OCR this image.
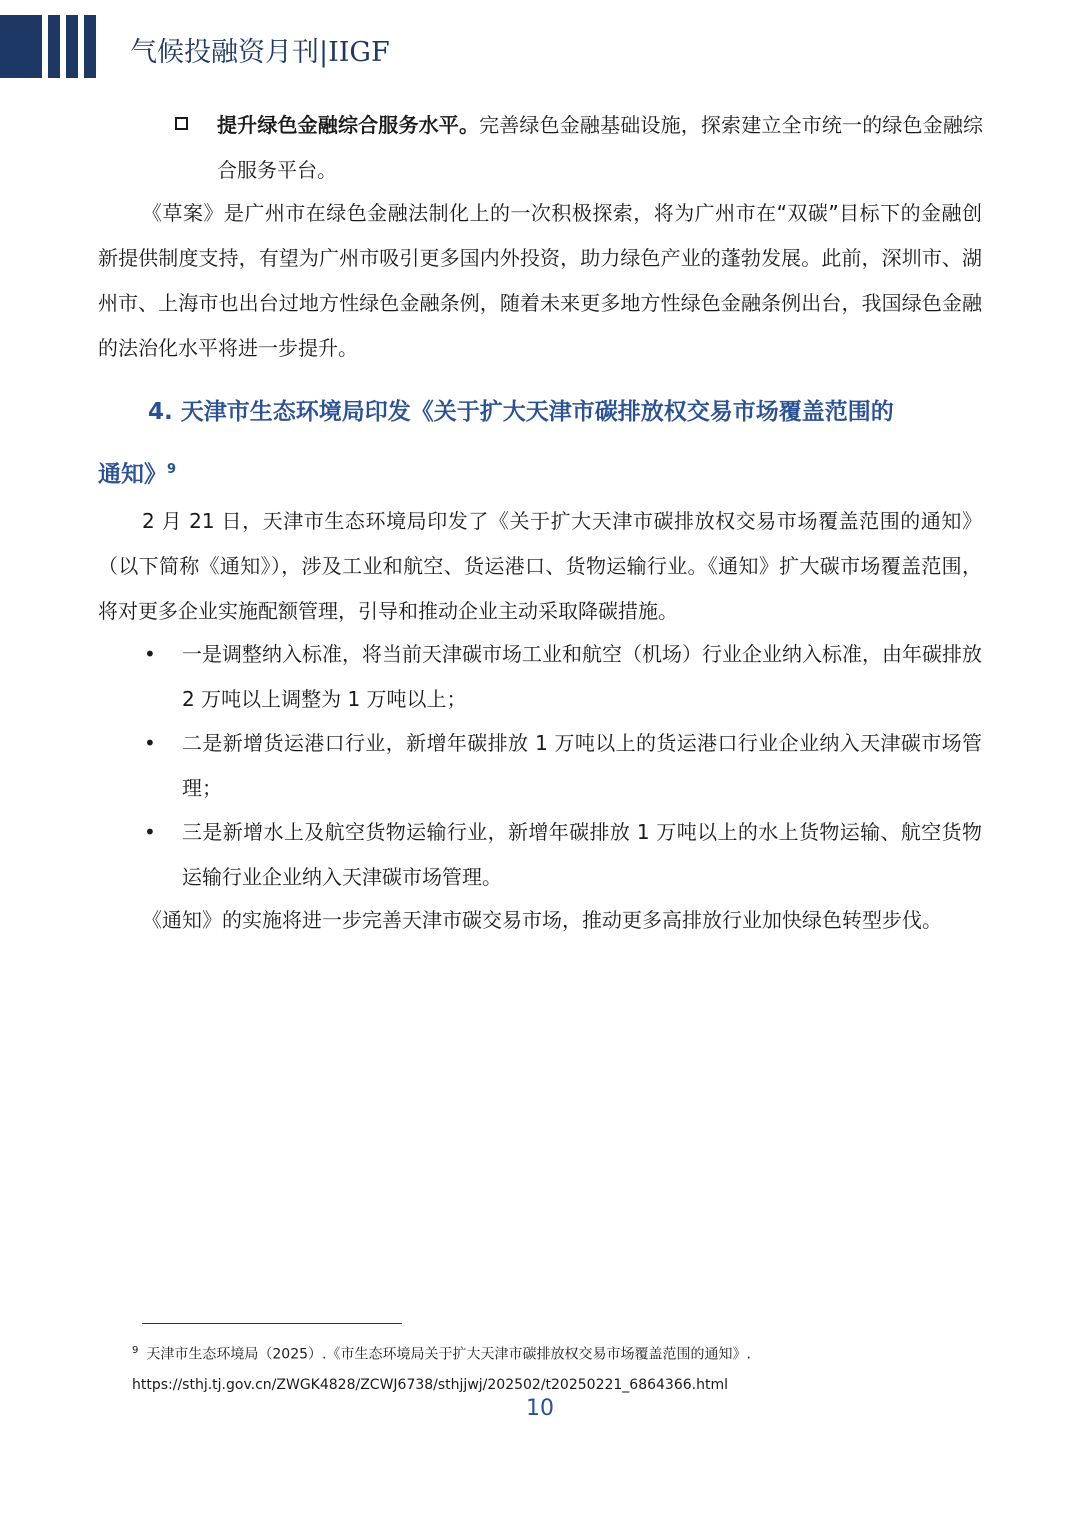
气候投融资月刊|IIGF
提升绿色金融综合服务水平。完善绿色金融基础设施，探索建立全市统一的绿色金融综合服务平台。
《草案》是广州市在绿色金融法制化上的一次积极探索，将为广州市在“双碳”目标下的金融创新提供制度支持，有望为广州市吸引更多国内外投资，助力绿色产业的蓬勃发展。此前，深圳市、湖州市、上海市也出台过地方性绿色金融条例，随着未来更多地方性绿色金融条例出台，我国绿色金融的法治化水平将进一步提升。
4. 天津市生态环境局印发《关于扩大天津市碳排放权交易市场覆盖范围的
通知》$^9$
2 月 21 日，天津市生态环境局印发了《关于扩大天津市碳排放权交易市场覆盖范围的通知》（以下简称《通知》），涉及工业和航空、货运港口、货物运输行业。《通知》扩大碳市场覆盖范围，将对更多企业实施配额管理，引导和推动企业主动采取降碳措施。
• 一是调整纳入标准，将当前天津碳市场工业和航空（机场）行业企业纳入标准，由年碳排放 2 万吨以上调整为 1 万吨以上；
• 二是新增货运港口行业，新增年碳排放 1 万吨以上的货运港口行业企业纳入天津碳市场管理；
• 三是新增水上及航空货物运输行业，新增年碳排放 1 万吨以上的水上货物运输、航空货物运输行业企业纳入天津碳市场管理。
《通知》的实施将进一步完善天津市碳交易市场，推动更多高排放行业加快绿色转型步伐。
$^9$ 天津市生态环境局（2025）.《市生态环境局关于扩大天津市碳排放权交易市场覆盖范围的通知》.
https://sthj.tj.gov.cn/ZWGK4828/ZCWJ6738/sthjjwj/202502/t20250221_6864366.html
10
